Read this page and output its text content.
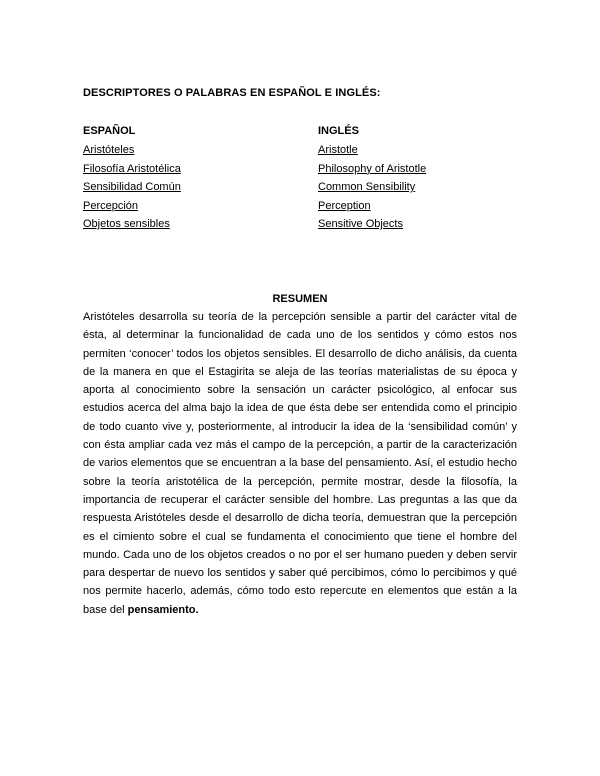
DESCRIPTORES O PALABRAS EN ESPAÑOL E INGLÉS:
ESPAÑOL
Aristóteles
Filosofía Aristotélica
Sensibilidad Común
Percepción
Objetos sensibles
INGLÉS
Aristotle
Philosophy of Aristotle
Common Sensibility
Perception
Sensitive Objects
RESUMEN

Aristóteles desarrolla su teoría de la percepción sensible a partir del carácter vital de ésta, al determinar la funcionalidad de cada uno de los sentidos y cómo estos nos permiten ‘conocer’ todos los objetos sensibles. El desarrollo de dicho análisis, da cuenta de la manera en que el Estagirita se aleja de las teorías materialistas de su época y aporta al conocimiento sobre la sensación un carácter psicológico, al enfocar sus estudios acerca del alma bajo la idea de que ésta debe ser entendida como el principio de todo cuanto vive y, posteriormente, al introducir la idea de la ‘sensibilidad común’ y con ésta ampliar cada vez más el campo de la percepción, a partir de la caracterización de varios elementos que se encuentran a la base del pensamiento. Así, el estudio hecho sobre la teoría aristotélica de la percepción, permite mostrar, desde la filosofía, la importancia de recuperar el carácter sensible del hombre. Las preguntas a las que da respuesta Aristóteles desde el desarrollo de dicha teoría, demuestran que la percepción es el cimiento sobre el cual se fundamenta el conocimiento que tiene el hombre del mundo. Cada uno de los objetos creados o no por el ser humano pueden y deben servir para despertar de nuevo los sentidos y saber qué percibimos, cómo lo percibimos y qué nos permite hacerlo, además, cómo todo esto repercute en elementos que están a la base del pensamiento.
